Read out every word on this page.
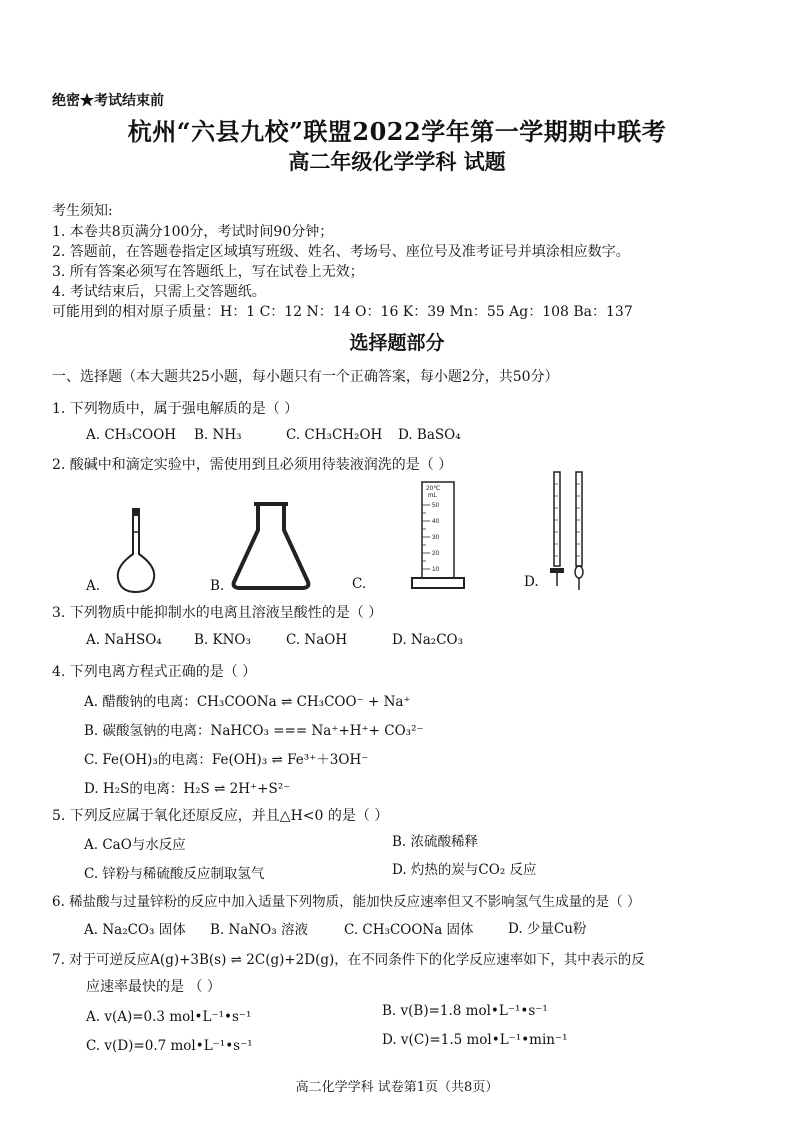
绝密★考试结束前
杭州“六县九校”联盟2022学年第一学期期中联考
高二年级化学学科 试题
考生须知:
1. 本卷共8页满分100分，考试时间90分钟；
2. 答题前，在答题卷指定区域填写班级、姓名、考场号、座位号及准考证号并填涂相应数字。
3. 所有答案必须写在答题纸上，写在试卷上无效；
4. 考试结束后，只需上交答题纸。
可能用到的相对原子质量：H：1 C：12 N：14 O：16 K：39 Mn：55 Ag：108 Ba：137
选择题部分
一、选择题（本大题共25小题，每小题只有一个正确答案，每小题2分，共50分）
1. 下列物质中，属于强电解质的是（ ）
A. CH₃COOH B. NH₃	C. CH₃CH₂OH D. BaSO₄
2. 酸碱中和滴定实验中，需使用到且必须用待装液润洗的是（ ）
A.	B.
20℃
mL
50
40
30
20
10
C.	D.
3. 下列物质中能抑制水的电离且溶液呈酸性的是（ ）
A. NaHSO₄ B. KNO₃	C. NaOH	D. Na₂CO₃
4. 下列电离方程式正确的是（ ）
A. 醋酸钠的电离：CH₃COONa ⇌ CH₃COO⁻ + Na⁺
B. 碳酸氢钠的电离：NaHCO₃ === Na⁺+H⁺+ CO₃²⁻
C. Fe(OH)₃的电离：Fe(OH)₃ ⇌ Fe³⁺＋3OH⁻
D. H₂S的电离：H₂S ⇌ 2H⁺+S²⁻
5. 下列反应属于氧化还原反应，并且△H<0 的是（ ）
A. CaO与水反应	B. 浓硫酸稀释
C. 锌粉与稀硫酸反应制取氢气	D. 灼热的炭与CO₂ 反应
6. 稀盐酸与过量锌粉的反应中加入适量下列物质，能加快反应速率但又不影响氢气生成量的是（ ）
A. Na₂CO₃ 固体 B. NaNO₃ 溶液	C. CH₃COONa 固体	D. 少量Cu粉
7. 对于可逆反应A(g)+3B(s) ⇌ 2C(g)+2D(g)，在不同条件下的化学反应速率如下，其中表示的反
应速率最快的是 （ ）
A. v(A)=0.3 mol•L⁻¹•s⁻¹	B. v(B)=1.8 mol•L⁻¹•s⁻¹
C. v(D)=0.7 mol•L⁻¹•s⁻¹	D. v(C)=1.5 mol•L⁻¹•min⁻¹
高二化学学科 试卷第1页（共8页）
